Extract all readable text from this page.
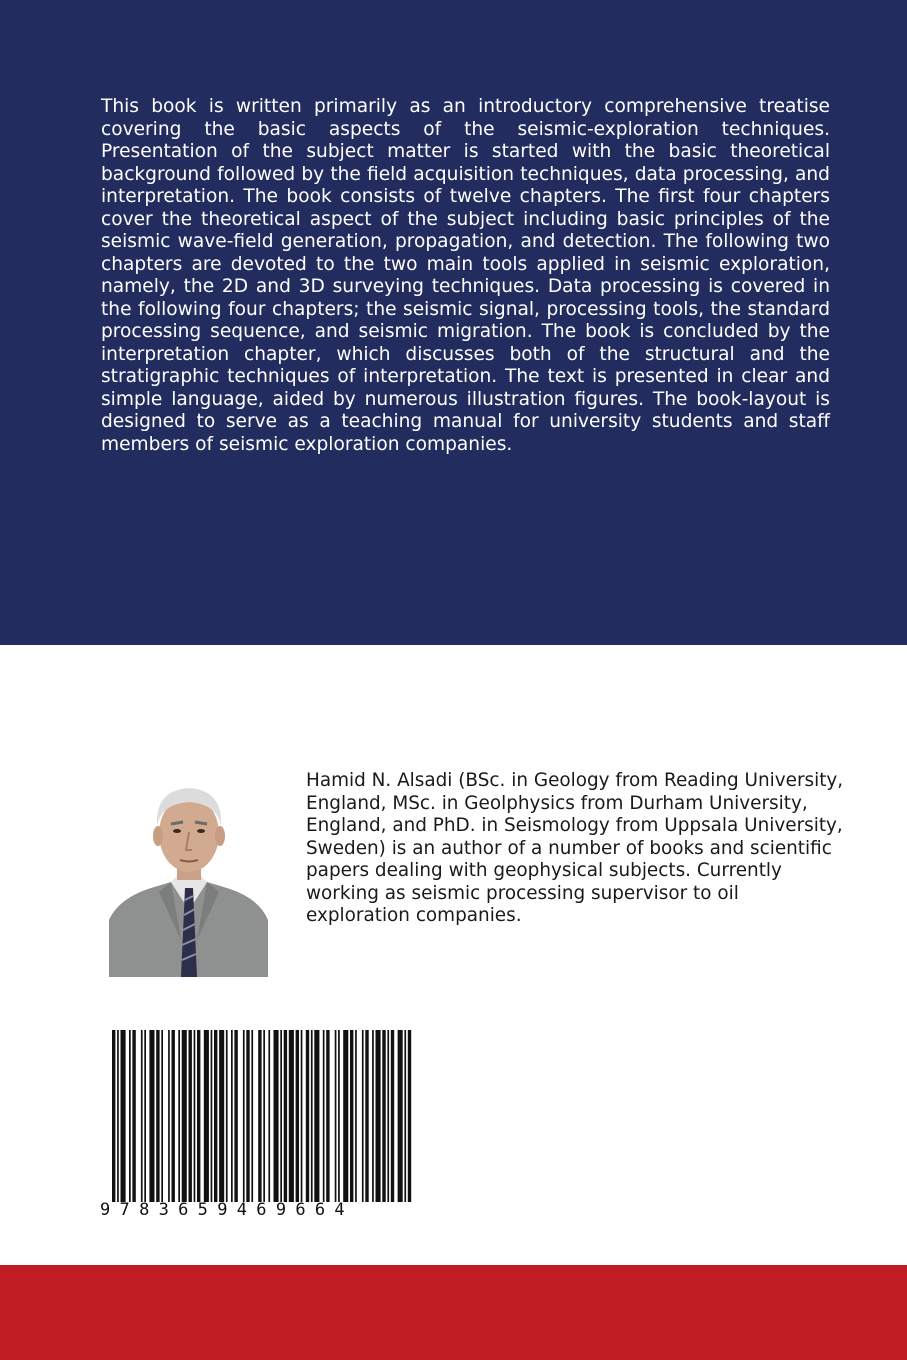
This book is written primarily as an introductory comprehensive treatise covering the basic aspects of the seismic-exploration techniques. Presentation of the subject matter is started with the basic theoretical background followed by the field acquisition techniques, data processing, and interpretation. The book consists of twelve chapters. The first four chapters cover the theoretical aspect of the subject including basic principles of the seismic wave-field generation, propagation, and detection. The following two chapters are devoted to the two main tools applied in seismic exploration, namely, the 2D and 3D surveying techniques. Data processing is covered in the following four chapters; the seismic signal, processing tools, the standard processing sequence, and seismic migration. The book is concluded by the interpretation chapter, which discusses both of the structural and the stratigraphic techniques of interpretation. The text is presented in clear and simple language, aided by numerous illustration figures. The book-layout is designed to serve as a teaching manual for university students and staff members of seismic exploration companies.

Hamid N. Alsadi (BSc. in Geology from Reading University, England, MSc. in Geolphysics from Durham University, England, and PhD. in Seismology from Uppsala University, Sweden) is an author of a number of books and scientific papers dealing with geophysical subjects. Currently working as seismic processing supervisor to oil exploration companies.

9783659469664
